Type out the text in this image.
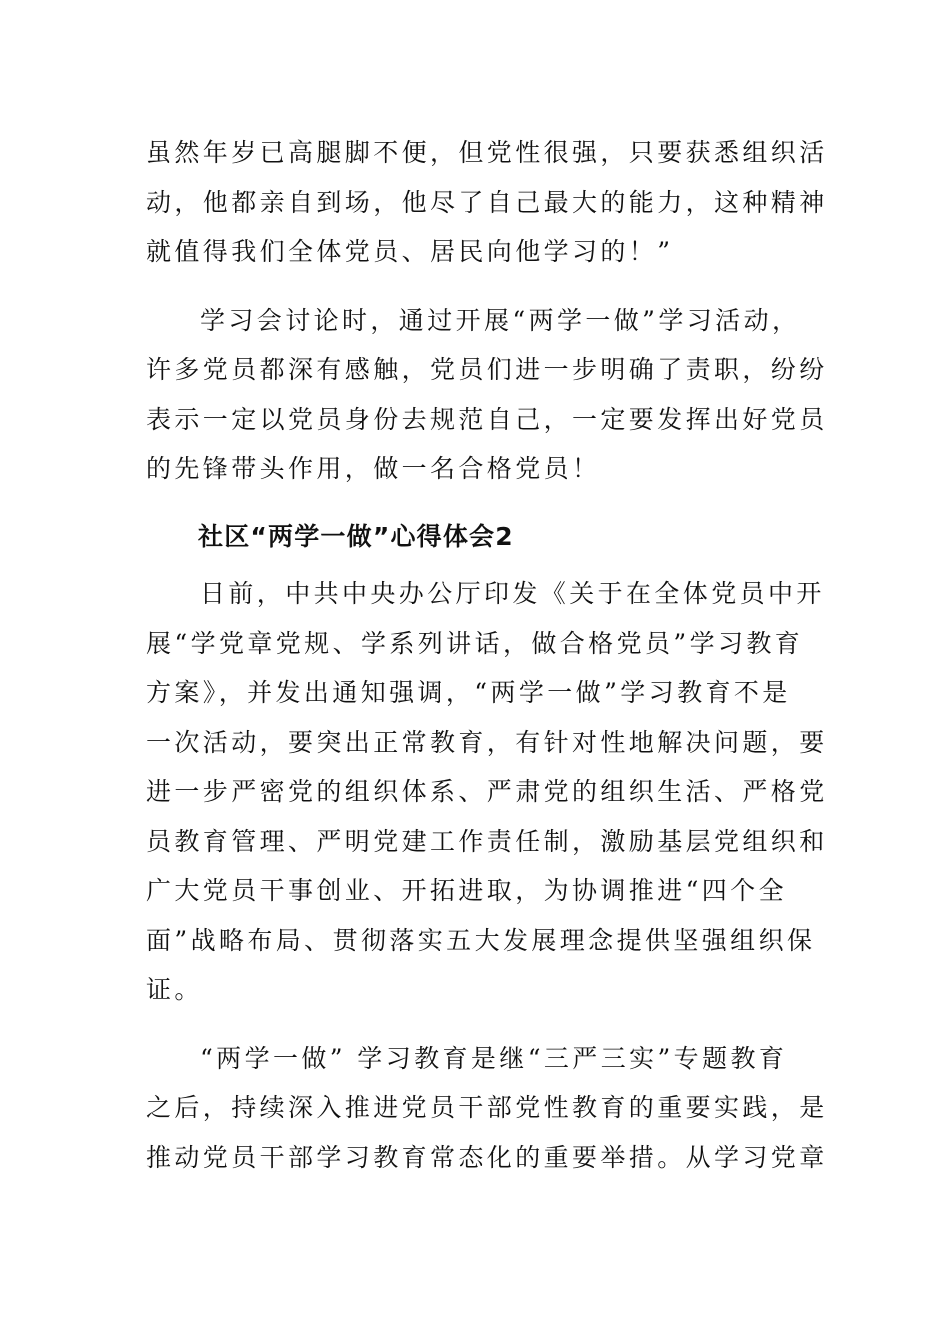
虽然年岁已高腿脚不便，但党性很强，只要获悉组织活
动，他都亲自到场，他尽了自己最大的能力，这种精神
就值得我们全体党员、居民向他学习的！”

学习会讨论时，通过开展“两学一做”学习活动，
许多党员都深有感触，党员们进一步明确了责职，纷纷
表示一定以党员身份去规范自己，一定要发挥出好党员
的先锋带头作用，做一名合格党员！

社区“两学一做”心得体会2

日前，中共中央办公厅印发《关于在全体党员中开
展“学党章党规、学系列讲话，做合格党员”学习教育
方案》，并发出通知强调，“两学一做”学习教育不是
一次活动，要突出正常教育，有针对性地解决问题，要
进一步严密党的组织体系、严肃党的组织生活、严格党
员教育管理、严明党建工作责任制，激励基层党组织和
广大党员干事创业、开拓进取，为协调推进“四个全
面”战略布局、贯彻落实五大发展理念提供坚强组织保
证。

“两学一做” 学习教育是继“三严三实”专题教育
之后，持续深入推进党员干部党性教育的重要实践，是
推动党员干部学习教育常态化的重要举措。从学习党章
